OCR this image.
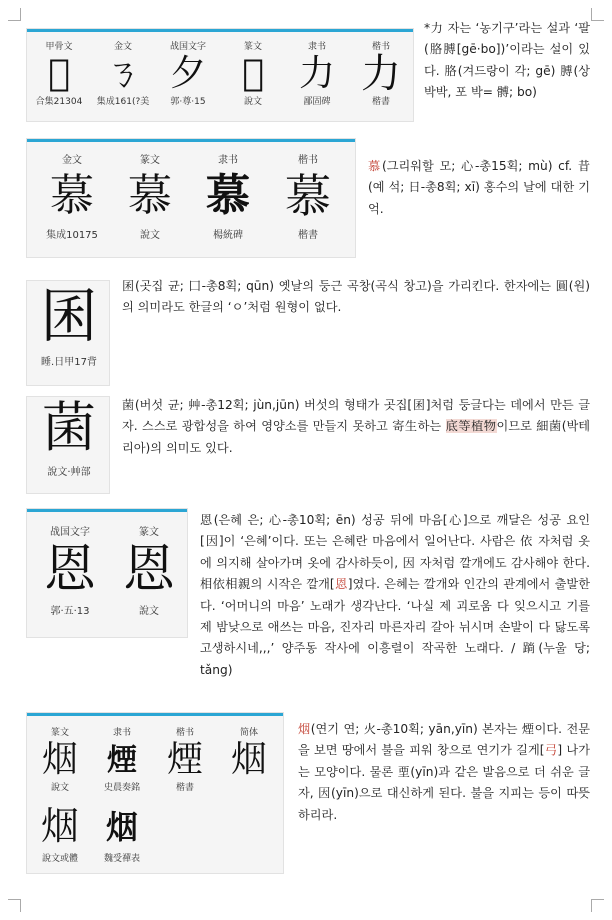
甲骨文
𠠲
合集21304
金文
ㄋ
集成161(?美
战国文字
夕
郭·尊·15
篆文
𠡠
說文
隶书
力
鄙固碑
楷书
力
楷書
*力 자는 ‘농기구’라는 설과 ‘팔(胳膊[gē·bo])’이라는 설이 있다. 胳(겨드랑이 각; gē) 膊(상박박, 포 박= 髆; bo)
金文
慕
集成10175
篆文
慕
說文
隶书
慕
楊統碑
楷书
慕
楷書
慕(그리워할 모; 心-총15획; mù) cf. 昔(예 석; 日-총8획; xī) 홍수의 날에 대한 기억.
囷
睡.日甲17背
囷(곳집 균; 囗-총8획; qūn) 옛날의 둥근 곡창(곡식 창고)을 가리킨다. 한자에는 圓(원)의 의미라도 한글의 ‘ㅇ’처럼 원형이 없다.
菌
說文·艸部
菌(버섯 균; 艸-총12획; jùn,jūn) 버섯의 형태가 곳집[囷]처럼 둥글다는 데에서 만든 글자. 스스로 광합성을 하여 영양소를 만들지 못하고 寄生하는 底等植物이므로 細菌(박테리아)의 의미도 있다.
战国文字
恩
郭·五·13
篆文
恩
說文
恩(은혜 은; 心-총10획; ēn) 성공 뒤에 마음[心]으로 깨달은 성공 요인[因]이 ‘은혜’이다. 또는 은혜란 마음에서 일어난다. 사람은 依 자처럼 옷에 의지해 살아가며 옷에 감사하듯이, 因 자처럼 깔개에도 감사해야 한다. 相依相親의 시작은 깔개[恩]였다. 은혜는 깔개와 인간의 관계에서 출발한다. ‘어머니의 마음’ 노래가 생각난다. ‘나실 제 괴로움 다 잊으시고 기를 제 밤낮으로 애쓰는 마음, 진자리 마른자리 갈아 뉘시며 손발이 다 닳도록 고생하시네,,,’ 양주동 작사에 이흥렬이 작곡한 노래다. / 䠀(누울 당; tǎng)
篆文
烟
說文
隶书
煙
史晨奏銘
楷书
煙
楷書
简体
烟
烟
說文或體
烟
魏受禪表
烟(연기 연; 火-총10획; yān,yīn) 본자는 煙이다. 전문을 보면 땅에서 불을 피워 창으로 연기가 길게[弓] 나가는 모양이다. 물론 垔(yīn)과 같은 발음으로 더 쉬운 글자, 因(yīn)으로 대신하게 된다. 불을 지피는 등이 따뜻하리라.
